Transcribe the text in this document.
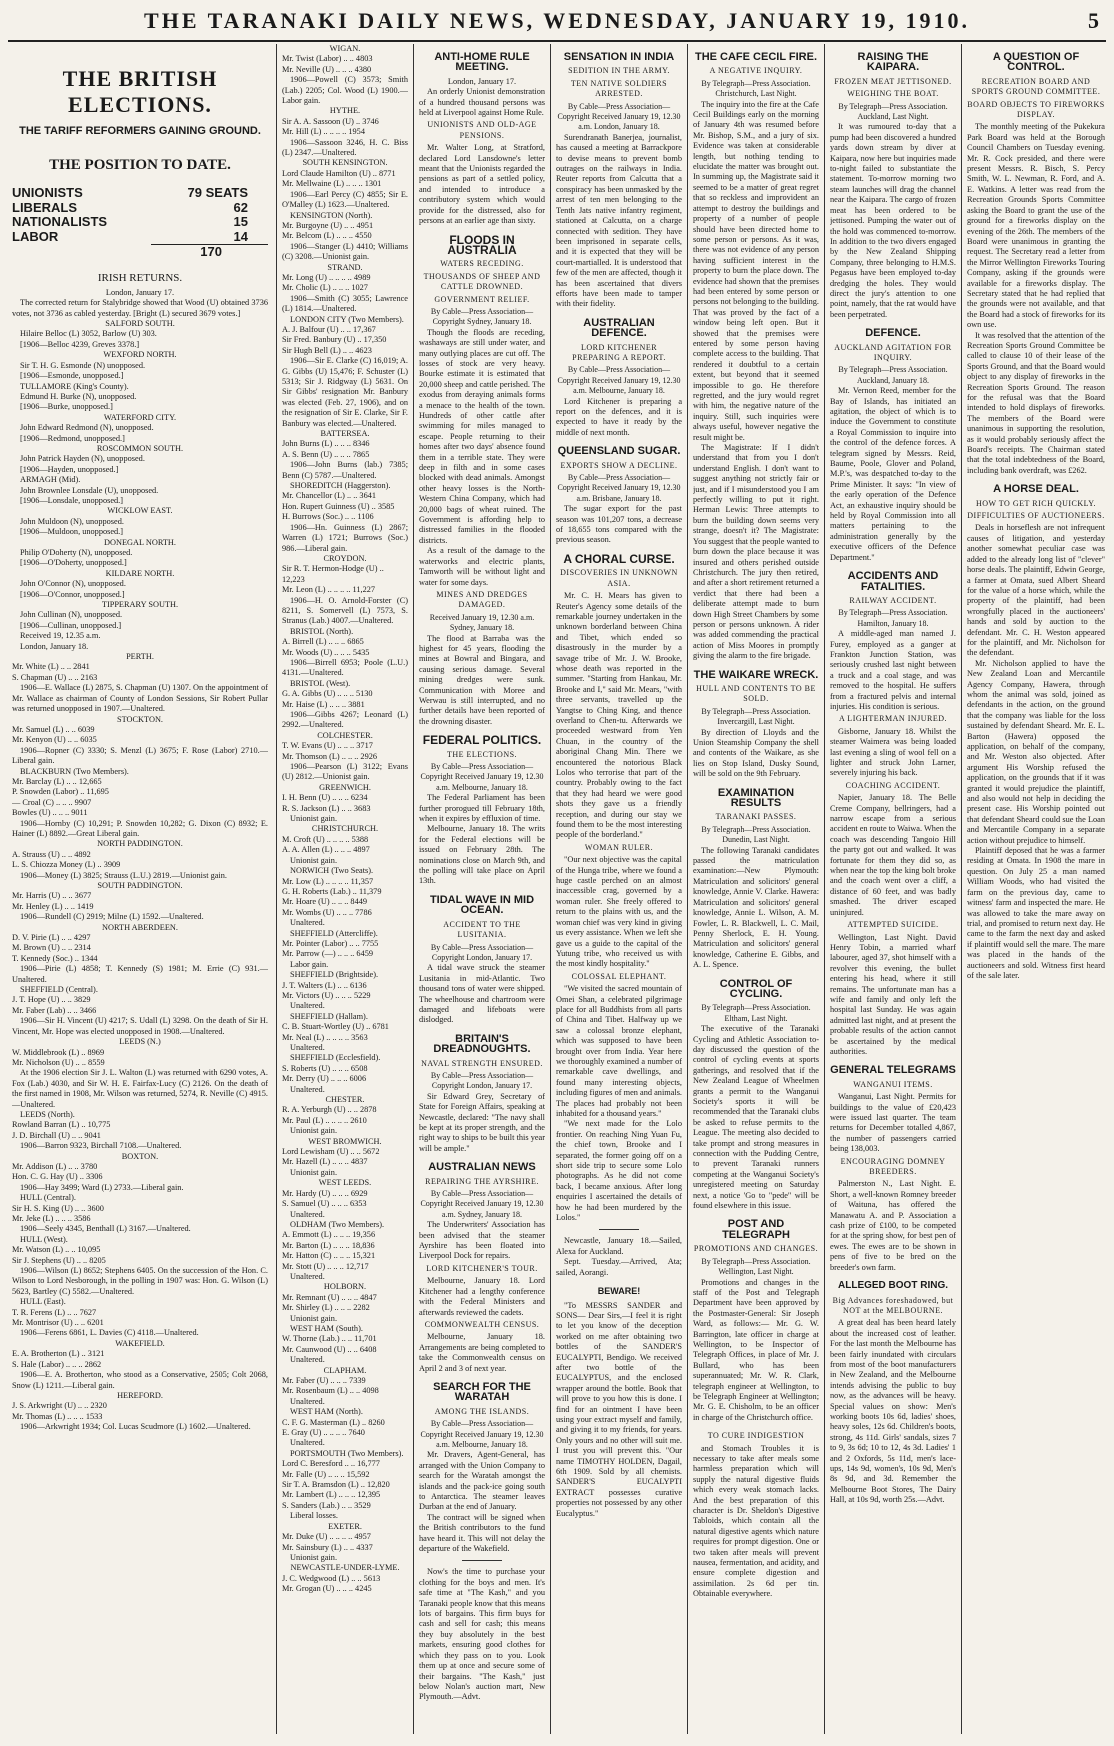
THE TARANAKI DAILY NEWS, WEDNESDAY, JANUARY 19, 1910.	5
THE BRITISH ELECTIONS.
THE TARIFF REFORMERS GAINING GROUND.
THE POSITION TO DATE.
UNIONISTS	79 SEATS
LIBERALS	62
NATIONALISTS	15
LABOR	14
	170
IRISH RETURNS.

London, January 17.

The corrected return for Stalybridge showed that Wood (U) obtained 3736 votes, not 3736 as cabled yesterday. [Bright (L) secured 3679 votes.]

SALFORD SOUTH.

Hilaire Belloc (L) 3052, Barlow (U) 303.

[1906—Belloc 4239, Greves 3378.]

WEXFORD NORTH.

Sir T. H. G. Esmonde (N) unopposed.

[1906—Esmonde, unopposed.]

TULLAMORE (King's County).

Edmund H. Burke (N), unopposed.

[1906—Burke, unopposed.]

WATERFORD CITY.

John Edward Redmond (N), unopposed.

[1906—Redmond, unopposed.]

ROSCOMMON SOUTH.

John Patrick Hayden (N), unopposed.

[1906—Hayden, unopposed.]

ARMAGH (Mid).

John Brownlee Lonsdale (U), unopposed.

[1906—Lonsdale, unopposed.]

WICKLOW EAST.

John Muldoon (N), unopposed.

[1906—Muldoon, unopposed.]

DONEGAL NORTH.

Philip O'Doherty (N), unopposed.

[1906—O'Doherty, unopposed.]

KILDARE NORTH.

John O'Connor (N), unopposed.

[1906—O'Connor, unopposed.]

TIPPERARY SOUTH.

John Cullinan (N), unopposed.

[1906—Cullinan, unopposed.]

Received 19, 12.35 a.m.

London, January 18.

PERTH.

Mr. White (L) .. .. 2841

S. Chapman (U) .. .. 2163

1906—E. Wallace (L) 2875, S. Chapman (U) 1307. On the appointment of Mr. Wallace as chairman of County of London Sessions, Sir Robert Pullar was returned unopposed in 1907.—Unaltered.

STOCKTON.

Mr. Samuel (L) .. .. 6039

Mr. Kenyon (U) .. .. 6035

1906—Ropner (C) 3330; S. Menzl (L) 3675; F. Rose (Labor) 2710.—Liberal gain.

BLACKBURN (Two Members).

Mr. Barclay (L) .. .. 12,665

P. Snowden (Labor) .. 11,695

— Croal (C) .. .. .. 9907

Bowles (U) .. .. .. 9011

1906—Hornby (C) 10,291; P. Snowden 10,282; G. Dixon (C) 8932; E. Hainer (L) 8892.—Great Liberal gain.

NORTH PADDINGTON.

A. Strauss (U) .. .. 4892

L. S. Chiozza Money (L) .. 3909

1906—Money (L) 3825; Strauss (L.U.) 2819.—Unionist gain.

SOUTH PADDINGTON.

Mr. Harris (U) .. .. 3677

Mr. Henley (L) .. .. 1419

1906—Rundell (C) 2919; Milne (L) 1592.—Unaltered.

NORTH ABERDEEN.

D. V. Pirie (L) .. .. 4297

M. Brown (U) .. .. 2314

T. Kennedy (Soc.) .. 1344

1906—Pirie (L) 4858; T. Kennedy (S) 1981; M. Errie (C) 931.—Unaltered.

SHEFFIELD (Central).

J. T. Hope (U) .. .. 3829

Mr. Faber (Lab) .. .. 3466

1906—Sir H. Vincent (U) 4217; S. Udall (L) 3298. On the death of Sir H. Vincent, Mr. Hope was elected unopposed in 1908.—Unaltered.

LEEDS (N.)

W. Middlebrook (L) .. 8969

Mr. Nicholson (U) .. .. 8559

At the 1906 election Sir J. L. Walton (L) was returned with 6290 votes, A. Fox (Lab.) 4030, and Sir W. H. E. Fairfax-Lucy (C) 2126. On the death of the first named in 1908, Mr. Wilson was returned, 5274, R. Neville (C) 4915.—Unaltered.

LEEDS (North).

Rowland Barran (L) .. 10,775

J. D. Birchall (U) .. .. 9041

1906—Barron 9323, Birchall 7108.—Unaltered.

BOXTON.

Mr. Addison (L) .. .. 3780

Hon. C. G. Hay (U) .. 3306

1906—Hay 3499; Ward (L) 2733.—Liberal gain.

HULL (Central).

Sir H. S. King (U) .. .. 3600

Mr. Jeke (L) .. .. .. 3586

1906—Seely 4345, Benthall (L) 3167.—Unaltered.

HULL (West).

Mr. Watson (L) .. .. 10,095

Sir J. Stephens (U) .. .. 8205

1906—Wilson (L) 8652; Stephens 6405. On the succession of the Hon. C. Wilson to Lord Nesborough, in the polling in 1907 was: Hon. G. Wilson (L) 5623, Bartley (C) 5582.—Unaltered.

HULL (East).

T. R. Ferens (L) .. .. 7627

Mr. Montrisor (U) .. .. 6201

1906—Ferens 6861, L. Davies (C) 4118.—Unaltered.

WAKEFIELD.

E. A. Brotherton (L) .. 3121

S. Hale (Labor) .. .. .. 2862

1906—E. A. Brotherton, who stood as a Conservative, 2505; Colt 2068, Snow (L) 1211.—Liberal gain.

HEREFORD.

J. S. Arkwright (U) .. .. 2320

Mr. Thomas (L) .. .. .. 1533

1906—Arkwright 1934; Col. Lucas Scudmore (L) 1602.—Unaltered.

WIGAN.

Mr. Twist (Labor) .. .. 4803

Mr. Neville (U) .. .. .. 4380

1906—Powell (C) 3573; Smith (Lab.) 2205; Col. Wood (L) 1900.—Labor gain.

HYTHE.

Sir A. A. Sassoon (U) .. 3746

Mr. Hill (L) .. .. .. .. 1954

1906—Sassoon 3246, H. C. Biss (L) 2347.—Unaltered.

SOUTH KENSINGTON.

Lord Claude Hamilton (U) .. 8771

Mr. Mellwaine (L) .. .. .. 1301

1906—Earl Percy (C) 4855; Sir E. O'Malley (L) 1623.—Unaltered.

KENSINGTON (North).

Mr. Burgoyne (U) .. .. 4951

Mr. Belcom (L) .. .. .. 4550

1906—Stanger (L) 4410; Williams (C) 3208.—Unionist gain.

STRAND.

Mr. Long (U) .. .. .. .. 4989

Mr. Cholic (L) .. .. .. 1027

1906—Smith (C) 3055; Lawrence (L) 1814.—Unaltered.

LONDON CITY (Two Members).

A. J. Balfour (U) .. .. 17,367

Sir Fred. Banbury (U) .. 17,350

Sir Hugh Bell (L) .. .. 4623

1906—Sir E. Clarke (C) 16,019; A. G. Gibbs (U) 15,476; F. Schuster (L) 5313; Sir J. Ridgway (L) 5631. On Sir Gibbs' resignation Mr. Banbury was elected (Feb. 27, 1906), and on the resignation of Sir E. Clarke, Sir F. Banbury was elected.—Unaltered.

BATTERSEA.

John Burns (L) .. .. .. 8346

A. S. Benn (U) .. .. .. 7865

1906—John Burns (lab.) 7385; Benn (C) 5787.—Unaltered.

SHOREDITCH (Haggerston).

Mr. Chancellor (L) .. .. 3641

Hon. Rupert Guinness (U) .. 3585

H. Burrows (Soc.) .. .. 1106

1906—Hn. Guinness (L) 2867; Warren (L) 1721; Burrows (Soc.) 986.—Liberal gain.

CROYDON.

Sir R. T. Hermon-Hodge (U) .. 12,223

Mr. Leon (L) .. .. .. .. 11,227

1906—H. O. Arnold-Forster (C) 8211, S. Somervell (L) 7573, S. Stranus (Lab.) 4007.—Unaltered.

BRISTOL (North).

A. Birrell (L) .. .. .. 6865

Mr. Woods (U) .. .. .. 5435

1906—Birrell 6953; Poole (L.U.) 4131.—Unaltered.

BRISTOL (West).

G. A. Gibbs (U) .. .. .. 5130

Mr. Haise (L) .. .. .. 3881

1906—Gibbs 4267; Leonard (L) 2992.—Unaltered.

COLCHESTER.

T. W. Evans (U) .. .. .. 3717

Mr. Thomson (L) .. .. .. 2926

1906—Pearson (L) 3122; Evans (U) 2812.—Unionist gain.

GREENWICH.

I. H. Benn (U) .. .. .. 6234

R. S. Jackson (L) .. .. 3683

Unionist gain.

CHRISTCHURCH.

M. Croft (U) .. .. .. .. 5388

A. A. Allen (L) .. .. .. 4897

Unionist gain.

NORWICH (Two Seats).

Mr. Low (L) .. .. .. .. 11,357

G. H. Roberts (Lab.) .. 11,379

Mr. Hoare (U) .. .. .. 8449

Mr. Wombs (U) .. .. .. 7786

Unaltered.

SHEFFIELD (Attercliffe).

Mr. Pointer (Labor) .. .. 7755

Mr. Parrow (—) .. .. .. 6459

Labor gain.

SHEFFIELD (Brightside).

J. T. Walters (L) .. .. 6136

Mr. Victors (U) .. .. .. 5229

Unaltered.

SHEFFIELD (Hallam).

C. B. Stuart-Wortley (U) .. 6781

Mr. Neal (L) .. .. .. .. 3563

Unaltered.

SHEFFIELD (Ecclesfield).

S. Roberts (U) .. .. .. 6508

Mr. Derry (U) .. .. .. 6006

Unaltered.

CHESTER.

R. A. Yerburgh (U) .. .. 2878

Mr. Paul (L) .. .. .. .. 2610

Unionist gain.

WEST BROMWICH.

Lord Lewisham (U) .. .. 5672

Mr. Hazell (L) .. .. .. 4837

Unionist gain.

WEST LEEDS.

Mr. Hardy (U) .. .. .. 6929

S. Samuel (U) .. .. .. 6353

Unaltered.

OLDHAM (Two Members).

A. Emmott (L) .. .. .. 19,356

Mr. Barton (L) .. .. .. 18,836

Mr. Hatton (C) .. .. .. 15,321

Mr. Stott (U) .. .. .. 12,717

Unaltered.

HOLBORN.

Mr. Remnant (U) .. .. .. 4847

Mr. Shirley (L) .. .. .. 2282

Unionist gain.

WEST HAM (South).

W. Thorne (Lab.) .. .. 11,701

Mr. Caunwood (U) .. .. 6408

Unaltered.

CLAPHAM.

Mr. Faber (U) .. .. .. 7339

Mr. Rosenbaum (L) .. .. 4098

Unaltered.

WEST HAM (North).

C. F. G. Masterman (L) .. 8260

E. Gray (U) .. .. .. .. 7640

Unaltered.

PORTSMOUTH (Two Members).

Lord C. Beresford .. .. 16,777

Mr. Falle (U) .. .. .. 15,592

Sir T. A. Bramsdon (L) .. 12,820

Mr. Lambert (L) .. .. .. 12,395

S. Sanders (Lab.) .. .. 3529

Liberal losses.

EXETER.

Mr. Duke (U) .. .. .. .. 4957

Mr. Sainsbury (L) .. .. 4337

Unionist gain.

NEWCASTLE-UNDER-LYME.

J. C. Wedgwood (L) .. .. 5613

Mr. Grogan (U) .. .. .. 4245

ANTI-HOME RULE MEETING.

London, January 17.

An orderly Unionist demonstration of a hundred thousand persons was held at Liverpool against Home Rule.

UNIONISTS AND OLD-AGE PENSIONS.

Mr. Walter Long, at Stratford, declared Lord Lansdowne's letter meant that the Unionists regarded the pensions as part of a settled policy, and intended to introduce a contributory system which would provide for the distressed, also for persons at an earlier age than sixty.

FLOODS IN AUSTRALIA
WATERS RECEDING.
THOUSANDS OF SHEEP AND CATTLE DROWNED.
GOVERNMENT RELIEF.

By Cable—Press Association—Copyright Sydney, January 18.

Though the floods are receding, washaways are still under water, and many outlying places are cut off. The losses of stock are very heavy. Bourke estimate it is estimated that 20,000 sheep and cattle perished. The exodus from deraying animals forms a menace to the health of the town. Hundreds of other cattle after swimming for miles managed to escape. People returning to their homes after two days' absence found them in a terrible state. They were deep in filth and in some cases blocked with dead animals. Amongst other heavy losses is the North-Western China Company, which had 20,000 bags of wheat ruined. The Government is affording help to distressed families in the flooded districts.

As a result of the damage to the waterworks and electric plants, Tamworth will be without light and water for some days.

MINES AND DREDGES DAMAGED.

Received January 19, 12.30 a.m. Sydney, January 18.

The flood at Barraba was the highest for 45 years, flooding the mines at Bowral and Bingara, and causing serious damage. Several mining dredges were sunk. Communication with Moree and Werwau is still interrupted, and no further details have been reported of the drowning disaster.

FEDERAL POLITICS.
THE ELECTIONS.

By Cable—Press Association—Copyright Received January 19, 12.30 a.m. Melbourne, January 18.

The Federal Parliament has been further prorogued till February 18th, when it expires by effluxion of time.

Melbourne, January 18. The writs for the Federal elections will be issued on February 28th. The nominations close on March 9th, and the polling will take place on April 13th.

TIDAL WAVE IN MID OCEAN.
ACCIDENT TO THE LUSITANIA.

By Cable—Press Association—Copyright London, January 17.

A tidal wave struck the steamer Lusitania in mid-Atlantic. Two thousand tons of water were shipped. The wheelhouse and chartroom were damaged and lifeboats were dislodged.

BRITAIN'S DREADNOUGHTS.
NAVAL STRENGTH ENSURED.

By Cable—Press Association—Copyright London, January 17.

Sir Edward Grey, Secretary of State for Foreign Affairs, speaking at Newcastle, declared: "The navy shall be kept at its proper strength, and the right way to ships to be built this year will be ample."

AUSTRALIAN NEWS
REPAIRING THE AYRSHIRE.

By Cable—Press Association—Copyright Received January 19, 12.30 a.m. Sydney, January 18.

The Underwriters' Association has been advised that the steamer Ayrshire has been floated into Liverpool Dock for repairs.

LORD KITCHENER'S TOUR.

Melbourne, January 18. Lord Kitchener had a lengthy conference with the Federal Ministers and afterwards reviewed the cadets.

COMMONWEALTH CENSUS.

Melbourne, January 18. Arrangements are being completed to take the Commonwealth census on April 2 and 3 of next year.

SEARCH FOR THE WARATAH
AMONG THE ISLANDS.

By Cable—Press Association—Copyright Received January 19, 12.30 a.m. Melbourne, January 18.

Mr. Dravers, Agent-General, has arranged with the Union Company to search for the Waratah amongst the islands and the pack-ice going south to Antarctica. The steamer leaves Durban at the end of January.

The contract will be signed when the British contributors to the fund have heard it. This will not delay the departure of the Wakefield.

Now's the time to purchase your clothing for the boys and men. It's safe time at "The Kash," and you Taranaki people know that this means lots of bargains. This firm buys for cash and sell for cash; this means they buy absolutely in the best markets, ensuring good clothes for which they pass on to you. Look them up at once and secure some of their bargains. "The Kash," just below Nolan's auction mart, New Plymouth.—Advt.

SENSATION IN INDIA
SEDITION IN THE ARMY.
TEN NATIVE SOLDIERS ARRESTED.

By Cable—Press Association—Copyright Received January 19, 12.30 a.m. London, January 18.

Surendranath Banerjea, journalist, has caused a meeting at Barrackpore to devise means to prevent bomb outrages on the railways in India. Reuter reports from Calcutta that a conspiracy has been unmasked by the arrest of ten men belonging to the Tenth Jats native infantry regiment, stationed at Calcutta, on a charge connected with sedition. They have been imprisoned in separate cells, and it is expected that they will be court-martialled. It is understood that few of the men are affected, though it has been ascertained that divers efforts have been made to tamper with their fidelity.

AUSTRALIAN DEFENCE.
LORD KITCHENER PREPARING A REPORT.

By Cable—Press Association—Copyright Received January 19, 12.30 a.m. Melbourne, January 18.

Lord Kitchener is preparing a report on the defences, and it is expected to have it ready by the middle of next month.

QUEENSLAND SUGAR.
EXPORTS SHOW A DECLINE.

By Cable—Press Association—Copyright Received January 19, 12.30 a.m. Brisbane, January 18.

The sugar export for the past season was 101,207 tons, a decrease of 18,655 tons compared with the previous season.

A CHORAL CURSE.
DISCOVERIES IN UNKNOWN ASIA.

Mr. C. H. Mears has given to Reuter's Agency some details of the remarkable journey undertaken in the unknown borderland between China and Tibet, which ended so disastrously in the murder by a savage tribe of Mr. J. W. Brooke, whose death was reported in the summer. "Starting from Hankau, Mr. Brooke and I," said Mr. Mears, "with three servants, travelled up the Yangtse to Ching King, and thence overland to Chen-tu. Afterwards we proceeded westward from Yen Chuan, in the country of the aboriginal Chang Min. There we encountered the notorious Black Lolos who terrorise that part of the country. Probably owing to the fact that they had heard we were good shots they gave us a friendly reception, and during our stay we found them to be the most interesting people of the borderland."

WOMAN RULER.

"Our next objective was the capital of the Hunga tribe, where we found a huge castle perched on an almost inaccessible crag, governed by a woman ruler. She freely offered to return to the plains with us, and the woman chief was very kind in giving us every assistance. When we left she gave us a guide to the capital of the Yutung tribe, who received us with the most kindly hospitality."

COLOSSAL ELEPHANT.

"We visited the sacred mountain of Omei Shan, a celebrated pilgrimage place for all Buddhists from all parts of China and Tibet. Halfway up we saw a colossal bronze elephant, which was supposed to have been brought over from India. Year here we thoroughly examined a number of remarkable cave dwellings, and found many interesting objects, including figures of men and animals. The places had probably not been inhabited for a thousand years."

"We next made for the Lolo frontier. On reaching Ning Yuan Fu, the chief town, Brooke and I separated, the former going off on a short side trip to secure some Lolo photographs. As he did not come back, I became anxious. After long enquiries I ascertained the details of how he had been murdered by the Lolos."

Newcastle, January 18.—Sailed, Alexa for Auckland.

Sept. Tuesday.—Arrived, Ata; sailed, Aorangi.

BEWARE!

"To MESSRS SANDER and SONS— Dear Sirs,—I feel it is right to let you know of the deception worked on me after obtaining two bottles of the SANDER'S EUCALYPTI, Bendigo. We received after two bottle of the EUCALYPTUS, and the enclosed wrapper around the bottle. Book that will prove to you how this is done. I find for an ointment I have been using your extract myself and family, and giving it to my friends, for years. Only yours and no other will suit me. I trust you will prevent this. "Our name TIMOTHY HOLDEN, Dagail, 6th 1909. Sold by all chemists. SANDER'S EUCALYPTI EXTRACT possesses curative properties not possessed by any other Eucalyptus."

THE CAFE CECIL FIRE.
A NEGATIVE INQUIRY.

By Telegraph—Press Association. Christchurch, Last Night.

The inquiry into the fire at the Cafe Cecil Buildings early on the morning of January 4th was resumed before Mr. Bishop, S.M., and a jury of six. Evidence was taken at considerable length, but nothing tending to elucidate the matter was brought out. In summing up, the Magistrate said it seemed to be a matter of great regret that so reckless and improvident an attempt to destroy the buildings and property of a number of people should have been directed home to some person or persons. As it was, there was not evidence of any person having sufficient interest in the property to burn the place down. The evidence had shown that the premises had been entered by some person or persons not belonging to the building. That was proved by the fact of a window being left open. But it showed that the premises were entered by some person having complete access to the building. That rendered it doubtful to a certain extent, but beyond that it seemed impossible to go. He therefore regretted, and the jury would regret with him, the negative nature of the inquiry. Still, such inquiries were always useful, however negative the result might be.

The Magistrate: If I didn't understand that from you I don't understand English. I don't want to suggest anything not strictly fair or just, and if I misunderstood you I am perfectly willing to put it right. Herman Lewis: Three attempts to burn the building down seems very strange, doesn't it? The Magistrate: You suggest that the people wanted to burn down the place because it was insured and others perished outside Christchurch. The jury then retired, and after a short retirement returned a verdict that there had been a deliberate attempt made to burn down High Street Chambers by some person or persons unknown. A rider was added commending the practical action of Miss Moores in promptly giving the alarm to the fire brigade.

THE WAIKARE WRECK.
HULL AND CONTENTS TO BE SOLD.

By Telegraph—Press Association. Invercargill, Last Night.

By direction of Lloyds and the Union Steamship Company the shell and contents of the Waikare, as she lies on Stop Island, Dusky Sound, will be sold on the 9th February.

EXAMINATION RESULTS
TARANAKI PASSES.

By Telegraph—Press Association. Dunedin, Last Night.

The following Taranaki candidates passed the matriculation examination:—New Plymouth: Matriculation and solicitors' general knowledge, Annie V. Clarke. Hawera: Matriculation and solicitors' general knowledge, Annie L. Wilson, A. M. Fowler, L. R. Blackwell, L. C. Mail, Penny Sherlock, E. H. Young. Matriculation and solicitors' general knowledge, Catherine E. Gibbs, and A. L. Spence.

CONTROL OF CYCLING.

By Telegraph—Press Association. Eltham, Last Night.

The executive of the Taranaki Cycling and Athletic Association to-day discussed the question of the control of cycling events at sports gatherings, and resolved that if the New Zealand League of Wheelmen grants a permit to the Wanganui Society's sports it will be recommended that the Taranaki clubs be asked to refuse permits to the League. The meeting also decided to take prompt and strong measures in connection with the Pudding Centre, to prevent Taranaki runners competing at the Wanganui Society's unregistered meeting on Saturday next, a notice 'Go to "pede" will be found elsewhere in this issue.

POST AND TELEGRAPH
PROMOTIONS AND CHANGES.

By Telegraph—Press Association. Wellington, Last Night.

Promotions and changes in the staff of the Post and Telegraph Department have been approved by the Postmaster-General: Sir Joseph Ward, as follows:— Mr. G. W. Barrington, late officer in charge at Wellington, to be Inspector of Telegraph Offices, in place of Mr. J. Bullard, who has been superannuated; Mr. W. R. Clark, telegraph engineer at Wellington, to be Telegraph Engineer at Wellington; Mr. G. E. Chisholm, to be an officer in charge of the Christchurch office.

TO CURE INDIGESTION

and Stomach Troubles it is necessary to take after meals some harmless preparation which will supply the natural digestive fluids which every weak stomach lacks. And the best preparation of this character is Dr. Sheldon's Digestive Tabloids, which contain all the natural digestive agents which nature requires for prompt digestion. One or two taken after meals will prevent nausea, fermentation, and acidity, and ensure complete digestion and assimilation. 2s 6d per tin. Obtainable everywhere.

RAISING THE KAIPARA.
FROZEN MEAT JETTISONED.
WEIGHING THE BOAT.

By Telegraph—Press Association. Auckland, Last Night.

It was rumoured to-day that a pump had been discovered a hundred yards down stream by diver at Kaipara, now here but inquiries made to-night failed to substantiate the statement. To-morrow morning two steam launches will drag the channel near the Kaipara. The cargo of frozen meat has been ordered to be jettisoned. Pumping the water out of the hold was commenced to-morrow. In addition to the two divers engaged by the New Zealand Shipping Company, three belonging to H.M.S. Pegasus have been employed to-day dredging the holes. They would direct the jury's attention to one point, namely, that the rat would have been perpetrated.

DEFENCE.
AUCKLAND AGITATION FOR INQUIRY.

By Telegraph—Press Association. Auckland, January 18.

Mr. Vernon Reed, member for the Bay of Islands, has initiated an agitation, the object of which is to induce the Government to constitute a Royal Commission to inquire into the control of the defence forces. A telegram signed by Messrs. Reid, Baume, Poole, Glover and Poland, M.P.'s, was despatched to-day to the Prime Minister. It says: "In view of the early operation of the Defence Act, an exhaustive inquiry should be held by Royal Commission into all matters pertaining to the administration generally by the executive officers of the Defence Department."

ACCIDENTS AND FATALITIES.
RAILWAY ACCIDENT.

By Telegraph—Press Association. Hamilton, January 18.

A middle-aged man named J. Furey, employed as a ganger at Frankton Junction Station, was seriously crushed last night between a truck and a coal stage, and was removed to the hospital. He suffers from a fractured pelvis and internal injuries. His condition is serious.

A LIGHTERMAN INJURED.

Gisborne, January 18. Whilst the steamer Waimera was being loaded last evening a sling of wool fell on a lighter and struck John Larner, severely injuring his back.

COACHING ACCIDENT.

Napier, January 18. The Belle Creme Company, bellringers, had a narrow escape from a serious accident en route to Waiwa. When the coach was descending Tangoio Hill the party got out and walked. It was fortunate for them they did so, as when near the top the king bolt broke and the coach went over a cliff, a distance of 60 feet, and was badly smashed. The driver escaped uninjured.

ATTEMPTED SUICIDE.

Wellington, Last Night. David Henry Tobin, a married wharf labourer, aged 37, shot himself with a revolver this evening, the bullet entering his head, where it still remains. The unfortunate man has a wife and family and only left the hospital last Sunday. He was again admitted last night, and at present the probable results of the action cannot be ascertained by the medical authorities.

GENERAL TELEGRAMS
WANGANUI ITEMS.

Wanganui, Last Night. Permits for buildings to the value of £20,423 were issued last quarter. The team returns for December totalled 4,867, the number of passengers carried being 138,003.

ENCOURAGING DOMNEY BREEDERS.

Palmerston N., Last Night. E. Short, a well-known Romney breeder of Waituna, has offered the Manawatu A. and P. Association a cash prize of £100, to be competed for at the spring show, for best pen of ewes. The ewes are to be shown in pens of five to be bred on the breeder's own farm.

ALLEGED BOOT RING.
Big Advances foreshadowed, but NOT at the MELBOURNE.

A great deal has been heard lately about the increased cost of leather. For the last month the Melbourne has been fairly inundated with circulars from most of the boot manufacturers in New Zealand, and the Melbourne intends advising the public to buy now, as the advances will be heavy. Special values on show: Men's working boots 10s 6d, ladies' shoes, heavy soles, 12s 6d. Children's boots, strong, 4s 11d. Girls' sandals, sizes 7 to 9, 3s 6d; 10 to 12, 4s 3d. Ladies' 1 and 2 Oxfords, 5s 11d, men's lace-ups, 14s 9d, women's, 10s 9d, Men's 8s 9d, and 3d. Remember the Melbourne Boot Stores, The Dairy Hall, at 10s 9d, worth 25s.—Advt.

A QUESTION OF CONTROL.
RECREATION BOARD AND SPORTS GROUND COMMITTEE.
BOARD OBJECTS TO FIREWORKS DISPLAY.

The monthly meeting of the Pukekura Park Board was held at the Borough Council Chambers on Tuesday evening. Mr. R. Cock presided, and there were present Messrs. R. Bisch, S. Percy Smith, W. L. Newman, R. Ford, and A. E. Watkins. A letter was read from the Recreation Grounds Sports Committee asking the Board to grant the use of the ground for a fireworks display on the evening of the 26th. The members of the Board were unanimous in granting the request. The Secretary read a letter from the Mirror Wellington Fireworks Touring Company, asking if the grounds were available for a fireworks display. The Secretary stated that he had replied that the grounds were not available, and that the Board had a stock of fireworks for its own use.

It was resolved that the attention of the Recreation Sports Ground Committee be called to clause 10 of their lease of the Sports Ground, and that the Board would object to any display of fireworks in the Recreation Sports Ground. The reason for the refusal was that the Board intended to hold displays of fireworks. The members of the Board were unanimous in supporting the resolution, as it would probably seriously affect the Board's receipts. The Chairman stated that the total indebtedness of the Board, including bank overdraft, was £262.

A HORSE DEAL.
HOW TO GET RICH QUICKLY.
DIFFICULTIES OF AUCTIONEERS.

Deals in horseflesh are not infrequent causes of litigation, and yesterday another somewhat peculiar case was added to the already long list of "clever" horse deals. The plaintiff, Edwin George, a farmer at Omata, sued Albert Sheard for the value of a horse which, while the property of the plaintiff, had been wrongfully placed in the auctioneers' hands and sold by auction to the defendant. Mr. C. H. Weston appeared for the plaintiff, and Mr. Nicholson for the defendant.

Mr. Nicholson applied to have the New Zealand Loan and Mercantile Agency Company, Hawera, through whom the animal was sold, joined as defendants in the action, on the ground that the company was liable for the loss sustained by defendant Sheard. Mr. E. L. Barton (Hawera) opposed the application, on behalf of the company, and Mr. Weston also objected. After argument His Worship refused the application, on the grounds that if it was granted it would prejudice the plaintiff, and also would not help in deciding the present case. His Worship pointed out that defendant Sheard could sue the Loan and Mercantile Company in a separate action without prejudice to himself.

Plaintiff deposed that he was a farmer residing at Omata. In 1908 the mare in question. On July 25 a man named William Woods, who had visited the farm on the previous day, came to witness' farm and inspected the mare. He was allowed to take the mare away on trial, and promised to return next day. He came to the farm the next day and asked if plaintiff would sell the mare. The mare was placed in the hands of the auctioneers and sold. Witness first heard of the sale later.
